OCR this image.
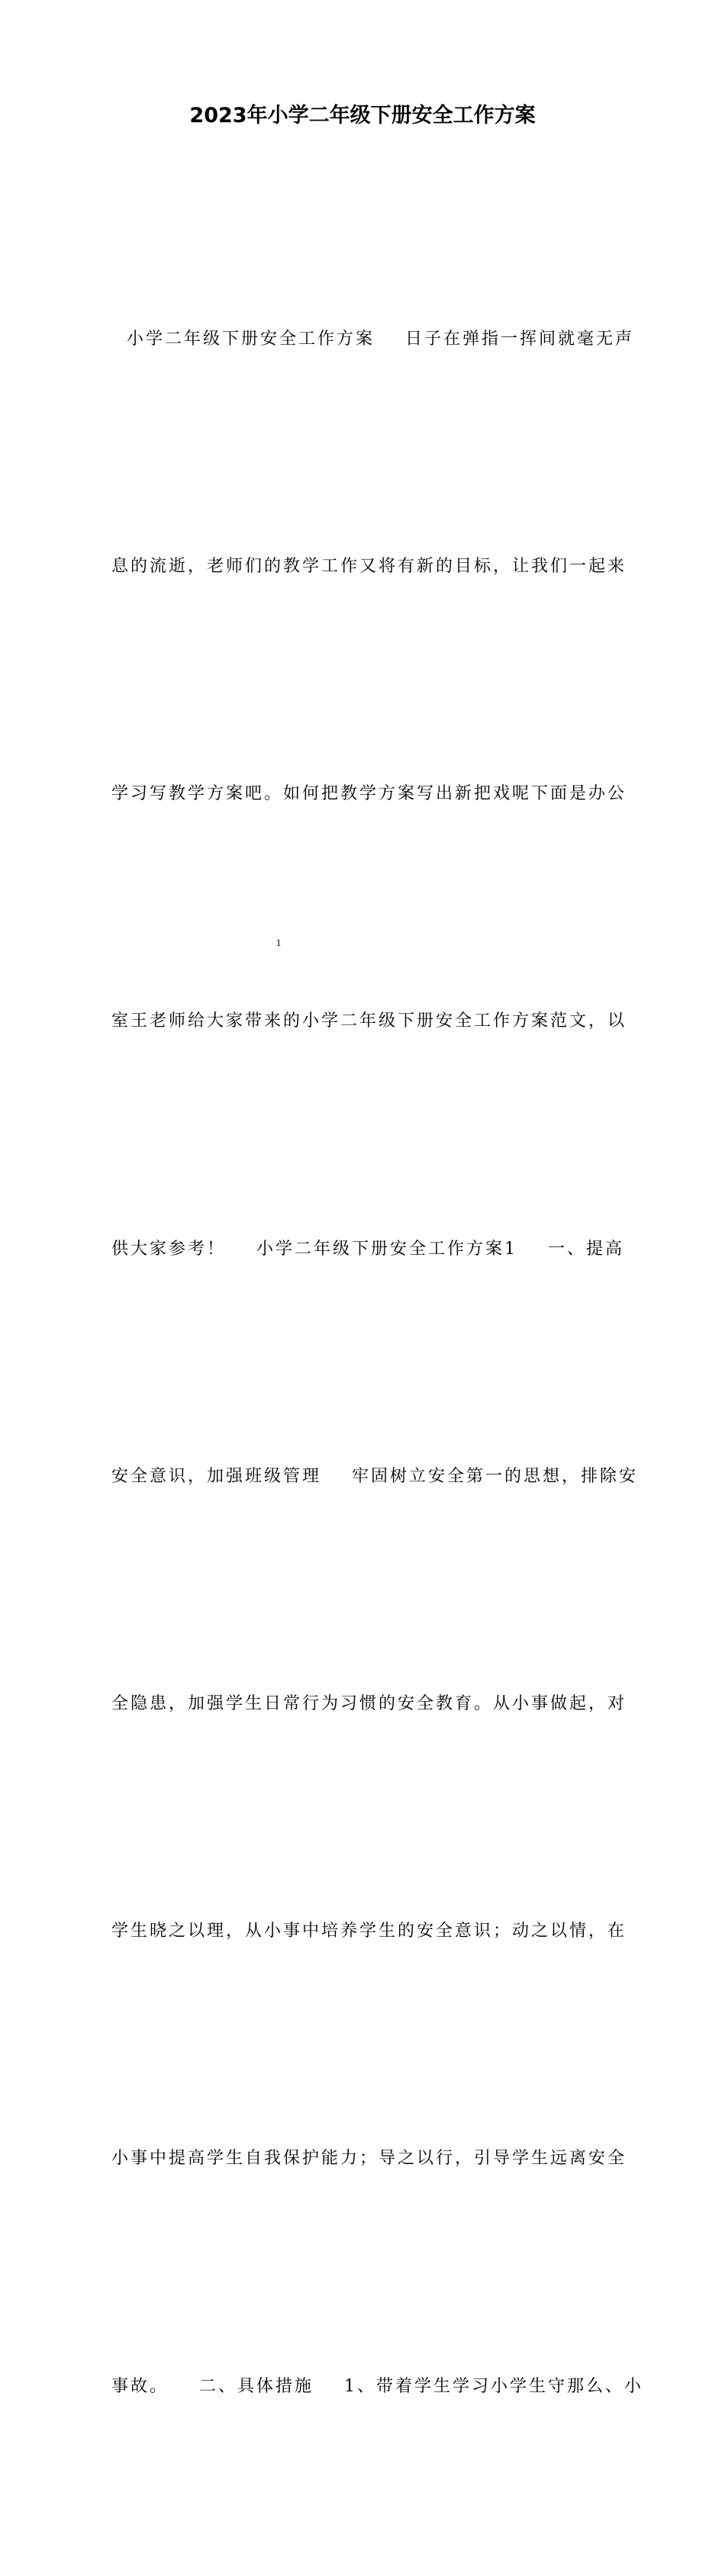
2023年小学二年级下册安全工作方案

小学二年级下册安全工作方案    日子在弹指一挥间就毫无声

息的流逝，老师们的教学工作又将有新的目标，让我们一起来

学习写教学方案吧。如何把教学方案写出新把戏呢下面是办公

室王老师给大家带来的小学二年级下册安全工作方案范文，以

供大家参考！    小学二年级下册安全工作方案1    一、提高

安全意识，加强班级管理    牢固树立安全第一的思想，排除安

全隐患，加强学生日常行为习惯的安全教育。从小事做起，对

学生晓之以理，从小事中培养学生的安全意识；动之以情，在

小事中提高学生自我保护能力；导之以行，引导学生远离安全

事故。    二、具体措施    1、带着学生学习小学生守那么、小

1
